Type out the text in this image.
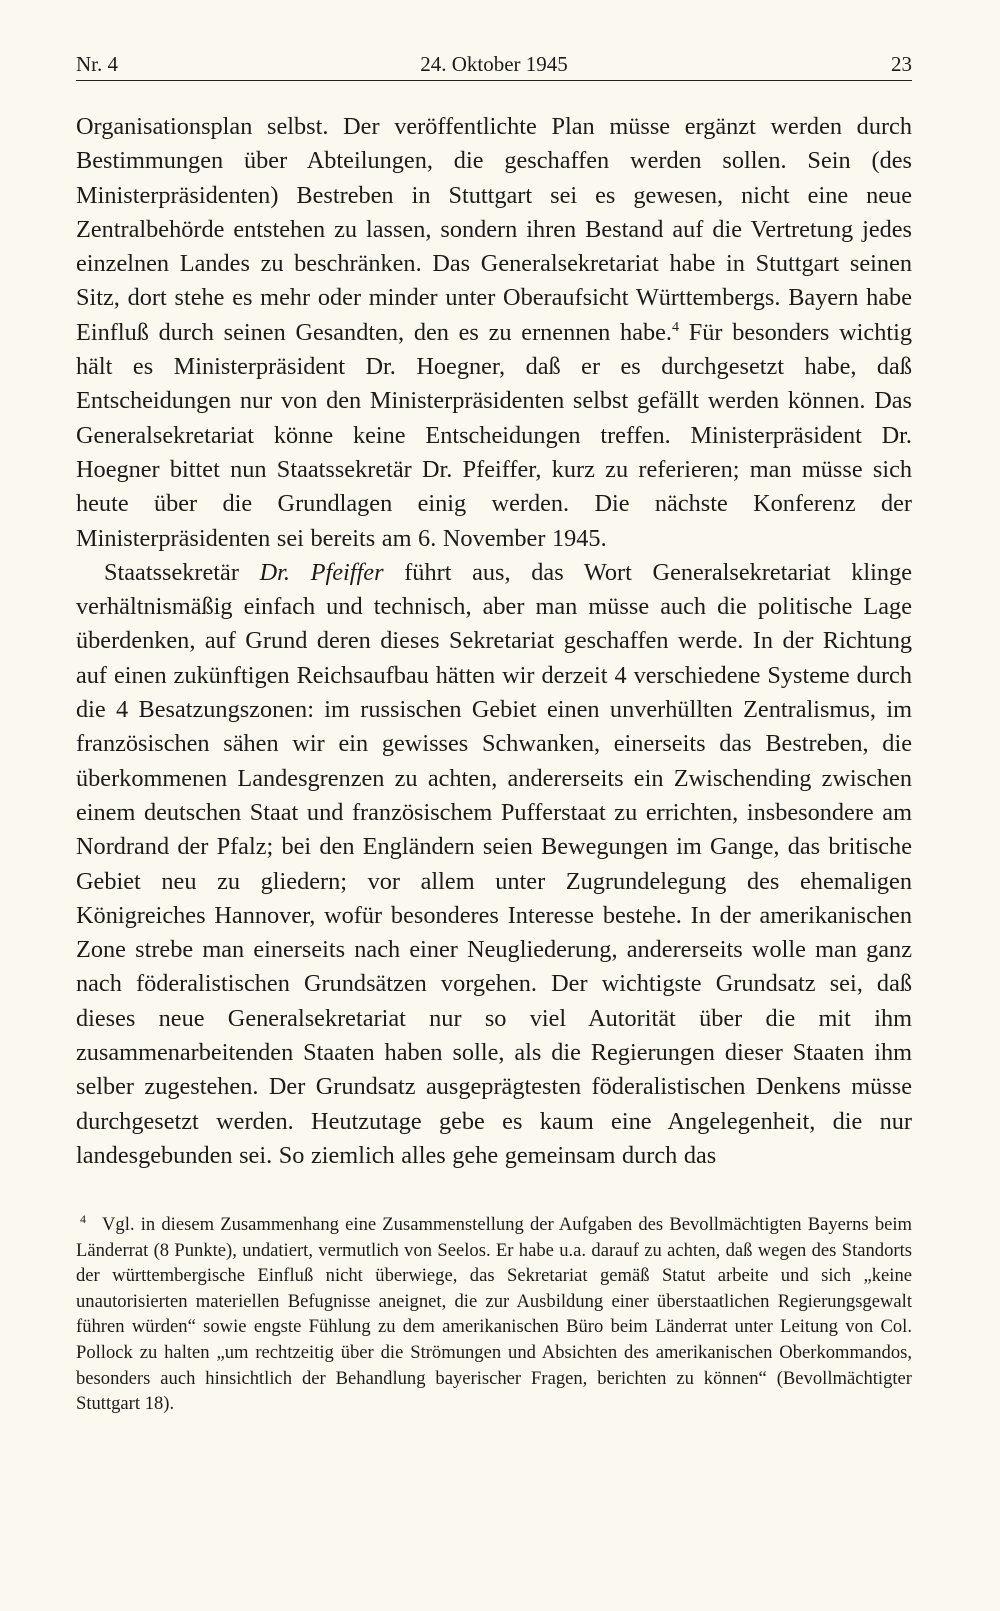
Nr. 4	24. Oktober 1945	23

Organisationsplan selbst. Der veröffentlichte Plan müsse ergänzt werden durch Bestimmungen über Abteilungen, die geschaffen werden sollen. Sein (des Ministerpräsidenten) Bestreben in Stuttgart sei es gewesen, nicht eine neue Zentralbehörde entstehen zu lassen, sondern ihren Bestand auf die Vertretung jedes einzelnen Landes zu beschränken. Das Generalsekretariat habe in Stuttgart seinen Sitz, dort stehe es mehr oder minder unter Oberaufsicht Württembergs. Bayern habe Einfluß durch seinen Gesandten, den es zu ernennen habe.$^4$ Für besonders wichtig hält es Ministerpräsident Dr. Hoegner, daß er es durchgesetzt habe, daß Entscheidungen nur von den Ministerpräsidenten selbst gefällt werden können. Das Generalsekretariat könne keine Entscheidungen treffen. Ministerpräsident Dr. Hoegner bittet nun Staatssekretär Dr. Pfeiffer, kurz zu referieren; man müsse sich heute über die Grundlagen einig werden. Die nächste Konferenz der Ministerpräsidenten sei bereits am 6. November 1945.

Staatssekretär Dr. Pfeiffer führt aus, das Wort Generalsekretariat klinge verhältnismäßig einfach und technisch, aber man müsse auch die politische Lage überdenken, auf Grund deren dieses Sekretariat geschaffen werde. In der Richtung auf einen zukünftigen Reichsaufbau hätten wir derzeit 4 verschiedene Systeme durch die 4 Besatzungszonen: im russischen Gebiet einen unverhüllten Zentralismus, im französischen sähen wir ein gewisses Schwanken, einerseits das Bestreben, die überkommenen Landesgrenzen zu achten, andererseits ein Zwischending zwischen einem deutschen Staat und französischem Pufferstaat zu errichten, insbesondere am Nordrand der Pfalz; bei den Engländern seien Bewegungen im Gange, das britische Gebiet neu zu gliedern; vor allem unter Zugrundelegung des ehemaligen Königreiches Hannover, wofür besonderes Interesse bestehe. In der amerikanischen Zone strebe man einerseits nach einer Neugliederung, andererseits wolle man ganz nach föderalistischen Grundsätzen vorgehen. Der wichtigste Grundsatz sei, daß dieses neue Generalsekretariat nur so viel Autorität über die mit ihm zusammenarbeitenden Staaten haben solle, als die Regierungen dieser Staaten ihm selber zugestehen. Der Grundsatz ausgeprägtesten föderalistischen Denkens müsse durchgesetzt werden. Heutzutage gebe es kaum eine Angelegenheit, die nur landesgebunden sei. So ziemlich alles gehe gemeinsam durch das

$^4$ Vgl. in diesem Zusammenhang eine Zusammenstellung der Aufgaben des Bevollmächtigten Bayerns beim Länderrat (8 Punkte), undatiert, vermutlich von Seelos. Er habe u.a. darauf zu achten, daß wegen des Standorts der württembergische Einfluß nicht überwiege, das Sekretariat gemäß Statut arbeite und sich „keine unautorisierten materiellen Befugnisse aneignet, die zur Ausbildung einer überstaatlichen Regierungsgewalt führen würden“ sowie engste Fühlung zu dem amerikanischen Büro beim Länderrat unter Leitung von Col. Pollock zu halten „um rechtzeitig über die Strömungen und Absichten des amerikanischen Oberkommandos, besonders auch hinsichtlich der Behandlung bayerischer Fragen, berichten zu können“ (Bevollmächtigter Stuttgart 18).
